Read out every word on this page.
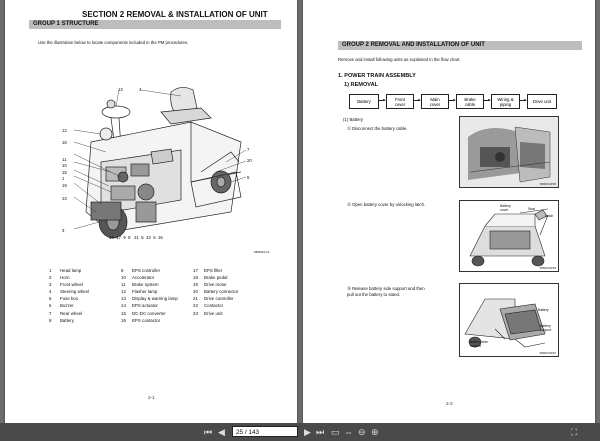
SECTION 2 REMOVAL & INSTALLATION OF UNIT
GROUP 1 STRUCTURE
Use the illustration below to locate components included in the PM procedures.
13	4
12
18
11
10
15
1
19
23
3
7
20
5
14 17 9 8 21 5 22 6 16
58RD04-10
1 Head lamp	9 EPS controller	17 EPS filter
2 Horn	10 Accelerator	18 Brake pedal
3 Front wheel	11 Brake system	19 Drive motor
4 Steering wheel	12 Flasher lamp	20 Battery connector
5 Fuse box	13 Display & warning lamp	21 Drive controller
6 Buzzer	14 EPS actuator	22 Contactor
7 Rear wheel	15 DC-DC converter	23 Drive unit
8 Battery	16 EPS contactor
2-1
GROUP 2 REMOVAL AND INSTALLATION OF UNIT
Remove and install following units as explained in the flow chart.
1. POWER TRAIN ASSEMBLY
1) REMOVAL
Battery	Front
cover
Main
cover
Brake
cable
Wiring &
piping	Drive unit
(1) Battery
① Disconnect the battery cable.
② Open battery cover by unlocking latch.
③ Release battery side support and then
pull out the battery to stand.
58RD04P38
Battery
cover	Seat
Latch
58RD04P38
Battery
Battery
support
Battery side
support
58RD04P45
2-2
⏮ ◀	25 / 143	▶ ⏭ ▭ ⇔ ⊖ ⊕	⛶
